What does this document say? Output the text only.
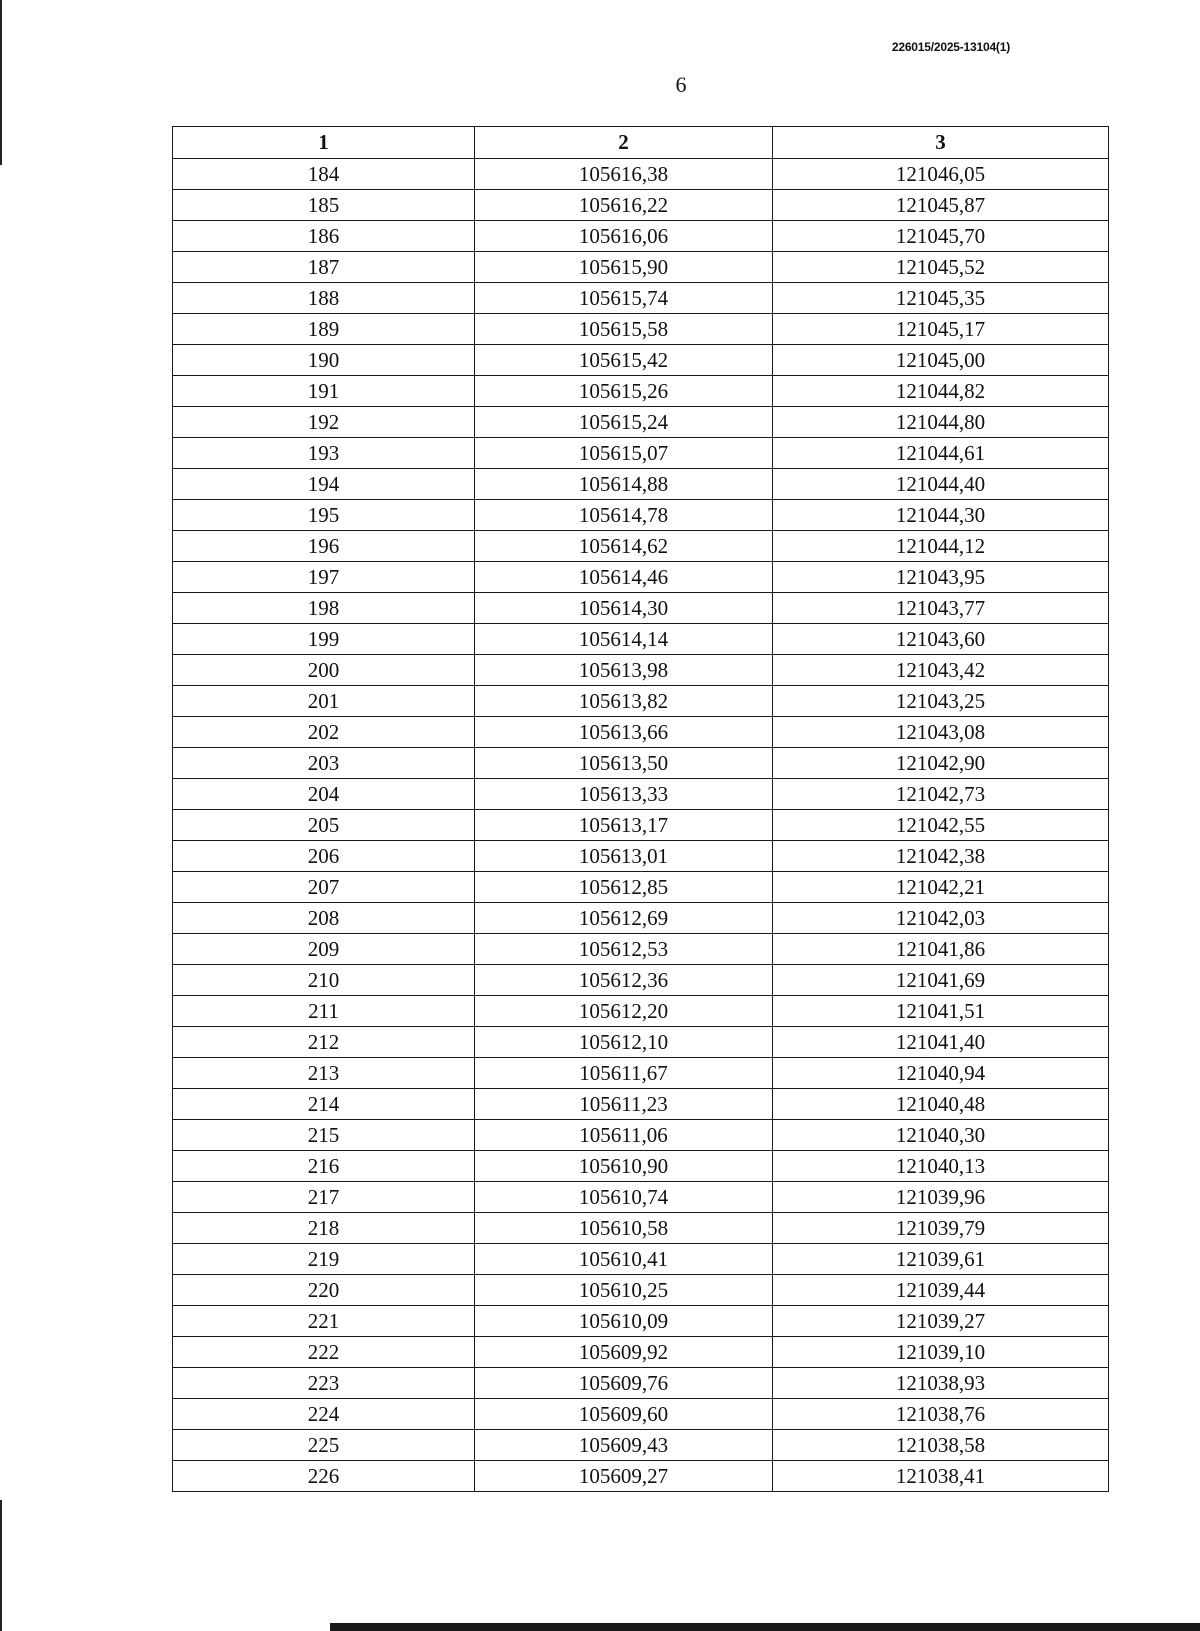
226015/2025-13104(1)
6
1	2	3
184	105616,38	121046,05
185	105616,22	121045,87
186	105616,06	121045,70
187	105615,90	121045,52
188	105615,74	121045,35
189	105615,58	121045,17
190	105615,42	121045,00
191	105615,26	121044,82
192	105615,24	121044,80
193	105615,07	121044,61
194	105614,88	121044,40
195	105614,78	121044,30
196	105614,62	121044,12
197	105614,46	121043,95
198	105614,30	121043,77
199	105614,14	121043,60
200	105613,98	121043,42
201	105613,82	121043,25
202	105613,66	121043,08
203	105613,50	121042,90
204	105613,33	121042,73
205	105613,17	121042,55
206	105613,01	121042,38
207	105612,85	121042,21
208	105612,69	121042,03
209	105612,53	121041,86
210	105612,36	121041,69
211	105612,20	121041,51
212	105612,10	121041,40
213	105611,67	121040,94
214	105611,23	121040,48
215	105611,06	121040,30
216	105610,90	121040,13
217	105610,74	121039,96
218	105610,58	121039,79
219	105610,41	121039,61
220	105610,25	121039,44
221	105610,09	121039,27
222	105609,92	121039,10
223	105609,76	121038,93
224	105609,60	121038,76
225	105609,43	121038,58
226	105609,27	121038,41
